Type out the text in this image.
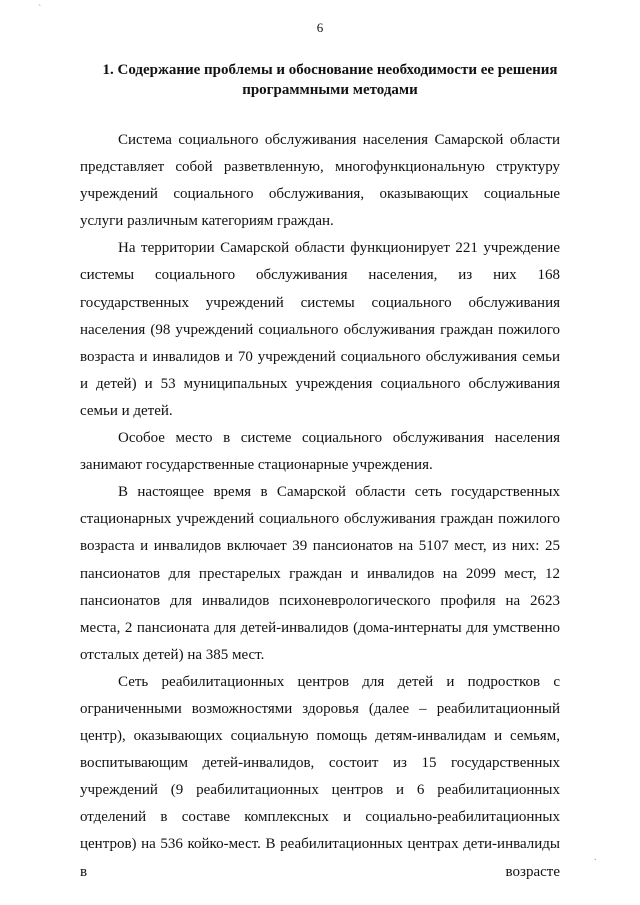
6
1. Содержание проблемы и обоснование необходимости ее решения
программными методами

Система социального обслуживания населения Самарской области представляет собой разветвленную, многофункциональную структуру учреждений социального обслуживания, оказывающих социальные услуги различным категориям граждан.

На территории Самарской области функционирует 221 учреждение системы социального обслуживания населения, из них 168 государственных учреждений системы социального обслуживания населения (98 учреждений социального обслуживания граждан пожилого возраста и инвалидов и 70 учреждений социального обслуживания семьи и детей) и 53 муниципальных учреждения социального обслуживания семьи и детей.

Особое место в системе социального обслуживания населения занимают государственные стационарные учреждения.

В настоящее время в Самарской области сеть государственных стационарных учреждений социального обслуживания граждан пожилого возраста и инвалидов включает 39 пансионатов на 5107 мест, из них: 25 пансионатов для престарелых граждан и инвалидов на 2099 мест, 12 пансионатов для инвалидов психоневрологического профиля на 2623 места, 2 пансионата для детей-инвалидов (дома-интернаты для умственно отсталых детей) на 385 мест.

Сеть реабилитационных центров для детей и подростков с ограниченными возможностями здоровья (далее – реабилитационный центр), оказывающих социальную помощь детям-инвалидам и семьям, воспитывающим детей-инвалидов, состоит из 15 государственных учреждений (9 реабилитационных центров и 6 реабилитационных отделений в составе комплексных и социально-реабилитационных центров) на 536 койко-мест. В реабилитационных центрах дети-инвалиды в возрасте

`
.
